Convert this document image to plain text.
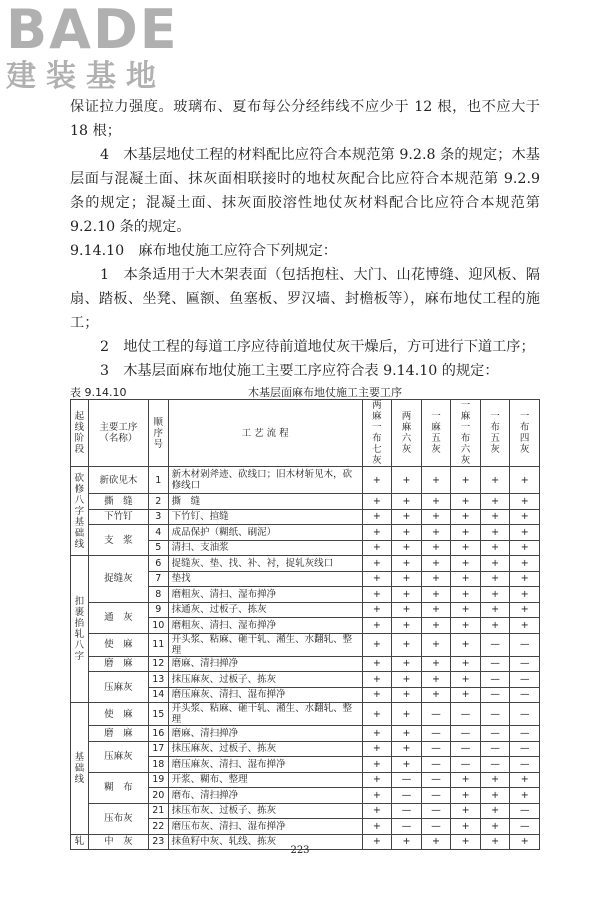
BADE
建装基地

保证拉力强度。玻璃布、夏布每公分经纬线不应少于 12 根，也不应大于 18 根；

4　木基层地仗工程的材料配比应符合本规范第 9.2.8 条的规定；木基层面与混凝土面、抹灰面相联接时的地杖灰配合比应符合本规范第 9.2.9 条的规定；混凝土面、抹灰面胶溶性地仗灰材料配合比应符合本规范第 9.2.10 条的规定。

9.14.10　麻布地仗施工应符合下列规定：

1　本条适用于大木架表面（包括抱柱、大门、山花博缝、迎风板、隔扇、踏板、坐凳、匾额、鱼塞板、罗汉墙、封檐板等），麻布地仗工程的施工；

2　地仗工程的每道工序应待前道地仗灰干燥后，方可进行下道工序；

3　木基层面麻布地仗施工主要工序应符合表 9.14.10 的规定：

表 9.14.10	木基层面麻布地仗施工主要工序
起线阶段	主要工序（名称）	顺序号	工 艺 流 程	两麻一布七灰	两麻六灰	一麻五灰	一麻一布六灰	一布五灰	一布四灰
砍修八字基础线	新砍见木	1	新木材剁斧迹、砍线口；旧木材斩见木，砍修线口	+	+	+	+	+	+
	撕　缝	2	撕　缝	+	+	+	+	+	+
	下竹钉	3	下竹钉、揎缝	+	+	+	+	+	+
	支　浆	4	成品保护（糊纸、刷泥）	+	+	+	+	+	+
		5	清扫、支油浆	+	+	+	+	+	+
扣裹掐轧八字	捉缝灰	6	捉缝灰、垫、找、补、衬，捉轧灰线口	+	+	+	+	+	+
		7	垫找	+	+	+	+	+	+
		8	磨粗灰、清扫、湿布掸净	+	+	+	+	+	+
	通　灰	9	抹通灰、过板子、拣灰	+	+	+	+	+	+
		10	磨粗灰、清扫、湿布掸净	+	+	+	+	+	+
	使　麻	11	开头浆、粘麻、砸干轧、潲生、水翻轧、整理	+	+	+	+	—	—
	磨　麻	12	磨麻、清扫掸净	+	+	+	+	—	—
	压麻灰	13	抹压麻灰、过板子、拣灰	+	+	+	+	—	—
		14	磨压麻灰、清扫、湿布掸净	+	+	+	+	—	—
基础线	使　麻	15	开头浆、粘麻、砸干轧、潲生、水翻轧、整理	+	+	—	—	—	—
	磨　麻	16	磨麻、清扫掸净	+	+	—	—	—	—
	压麻灰	17	抹压麻灰、过板子、拣灰	+	+	—	—	—	—
		18	磨压麻灰、清扫、湿布掸净	+	+	—	—	—	—
	糊　布	19	开浆、糊布、整理	+	—	—	+	+	+
		20	磨布、清扫掸净	+	—	—	+	+	+
	压布灰	21	抹压布灰、过板子、拣灰	+	—	—	+	+	—
		22	磨压布灰、清扫、湿布掸净	+	—	—	+	+	—
轧	中　灰	23	抹鱼籽中灰、轧线、拣灰	+	+	+	+	+	+
223
